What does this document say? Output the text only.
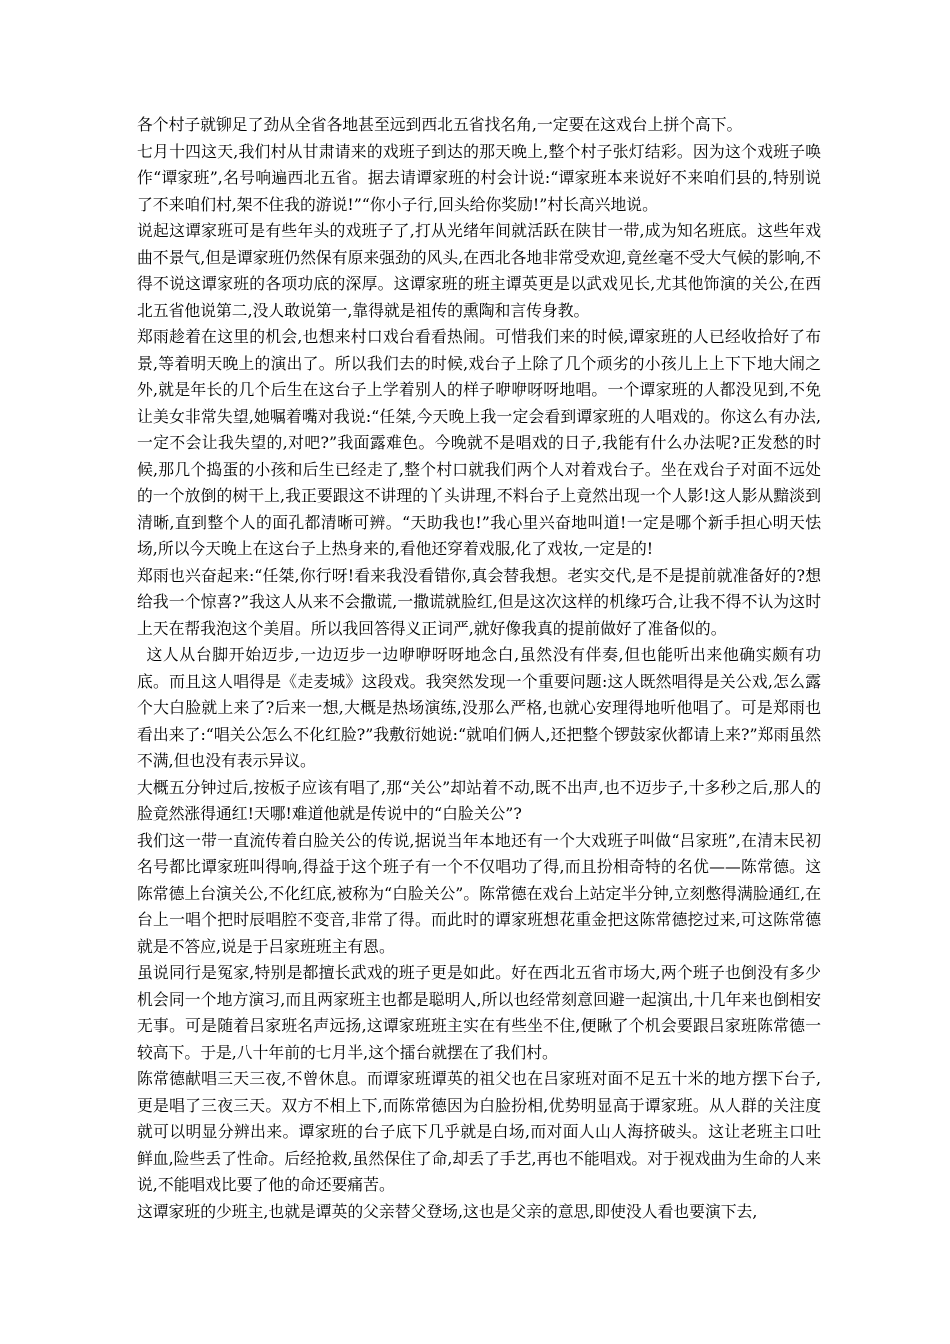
各个村子就铆足了劲从全省各地甚至远到西北五省找名角,一定要在这戏台上拼个高下。

七月十四这天,我们村从甘肃请来的戏班子到达的那天晚上,整个村子张灯结彩。因为这个戏班子唤作“谭家班”,名号响遍西北五省。据去请谭家班的村会计说:“谭家班本来说好不来咱们县的,特别说了不来咱们村,架不住我的游说!”“你小子行,回头给你奖励!”村长高兴地说。

说起这谭家班可是有些年头的戏班子了,打从光绪年间就活跃在陕甘一带,成为知名班底。这些年戏曲不景气,但是谭家班仍然保有原来强劲的风头,在西北各地非常受欢迎,竟丝毫不受大气候的影响,不得不说这谭家班的各项功底的深厚。这谭家班的班主谭英更是以武戏见长,尤其他饰演的关公,在西北五省他说第二,没人敢说第一,靠得就是祖传的熏陶和言传身教。

郑雨趁着在这里的机会,也想来村口戏台看看热闹。可惜我们来的时候,谭家班的人已经收拾好了布景,等着明天晚上的演出了。所以我们去的时候,戏台子上除了几个顽劣的小孩儿上上下下地大闹之外,就是年长的几个后生在这台子上学着别人的样子咿咿呀呀地唱。一个谭家班的人都没见到,不免让美女非常失望,她嘱着嘴对我说:“任桀,今天晚上我一定会看到谭家班的人唱戏的。你这么有办法,一定不会让我失望的,对吧?”我面露难色。今晚就不是唱戏的日子,我能有什么办法呢?正发愁的时候,那几个捣蛋的小孩和后生已经走了,整个村口就我们两个人对着戏台子。坐在戏台子对面不远处的一个放倒的树干上,我正要跟这不讲理的丫头讲理,不料台子上竟然出现一个人影!这人影从黯淡到清晰,直到整个人的面孔都清晰可辨。“天助我也!”我心里兴奋地叫道!一定是哪个新手担心明天怯场,所以今天晚上在这台子上热身来的,看他还穿着戏服,化了戏妆,一定是的!

郑雨也兴奋起来:“任桀,你行呀!看来我没看错你,真会替我想。老实交代,是不是提前就准备好的?想给我一个惊喜?”我这人从来不会撒谎,一撒谎就脸红,但是这次这样的机缘巧合,让我不得不认为这时上天在帮我泡这个美眉。所以我回答得义正词严,就好像我真的提前做好了准备似的。

这人从台脚开始迈步,一边迈步一边咿咿呀呀地念白,虽然没有伴奏,但也能听出来他确实颇有功底。而且这人唱得是《走麦城》这段戏。我突然发现一个重要问题:这人既然唱得是关公戏,怎么露个大白脸就上来了?后来一想,大概是热场演练,没那么严格,也就心安理得地听他唱了。可是郑雨也看出来了:“唱关公怎么不化红脸?”我敷衍她说:“就咱们俩人,还把整个锣鼓家伙都请上来?”郑雨虽然不满,但也没有表示异议。

大概五分钟过后,按板子应该有唱了,那“关公”却站着不动,既不出声,也不迈步子,十多秒之后,那人的脸竟然涨得通红!天哪!难道他就是传说中的“白脸关公”?

我们这一带一直流传着白脸关公的传说,据说当年本地还有一个大戏班子叫做“吕家班”,在清末民初名号都比谭家班叫得响,得益于这个班子有一个不仅唱功了得,而且扮相奇特的名优——陈常德。这陈常德上台演关公,不化红底,被称为“白脸关公”。陈常德在戏台上站定半分钟,立刻憋得满脸通红,在台上一唱个把时辰唱腔不变音,非常了得。而此时的谭家班想花重金把这陈常德挖过来,可这陈常德就是不答应,说是于吕家班班主有恩。

虽说同行是冤家,特别是都擅长武戏的班子更是如此。好在西北五省市场大,两个班子也倒没有多少机会同一个地方演习,而且两家班主也都是聪明人,所以也经常刻意回避一起演出,十几年来也倒相安无事。可是随着吕家班名声远扬,这谭家班班主实在有些坐不住,便瞅了个机会要跟吕家班陈常德一较高下。于是,八十年前的七月半,这个擂台就摆在了我们村。

陈常德献唱三天三夜,不曾休息。而谭家班谭英的祖父也在吕家班对面不足五十米的地方摆下台子,更是唱了三夜三天。双方不相上下,而陈常德因为白脸扮相,优势明显高于谭家班。从人群的关注度就可以明显分辨出来。谭家班的台子底下几乎就是白场,而对面人山人海挤破头。这让老班主口吐鲜血,险些丢了性命。后经抢救,虽然保住了命,却丢了手艺,再也不能唱戏。对于视戏曲为生命的人来说,不能唱戏比要了他的命还要痛苦。

这谭家班的少班主,也就是谭英的父亲替父登场,这也是父亲的意思,即使没人看也要演下去,
